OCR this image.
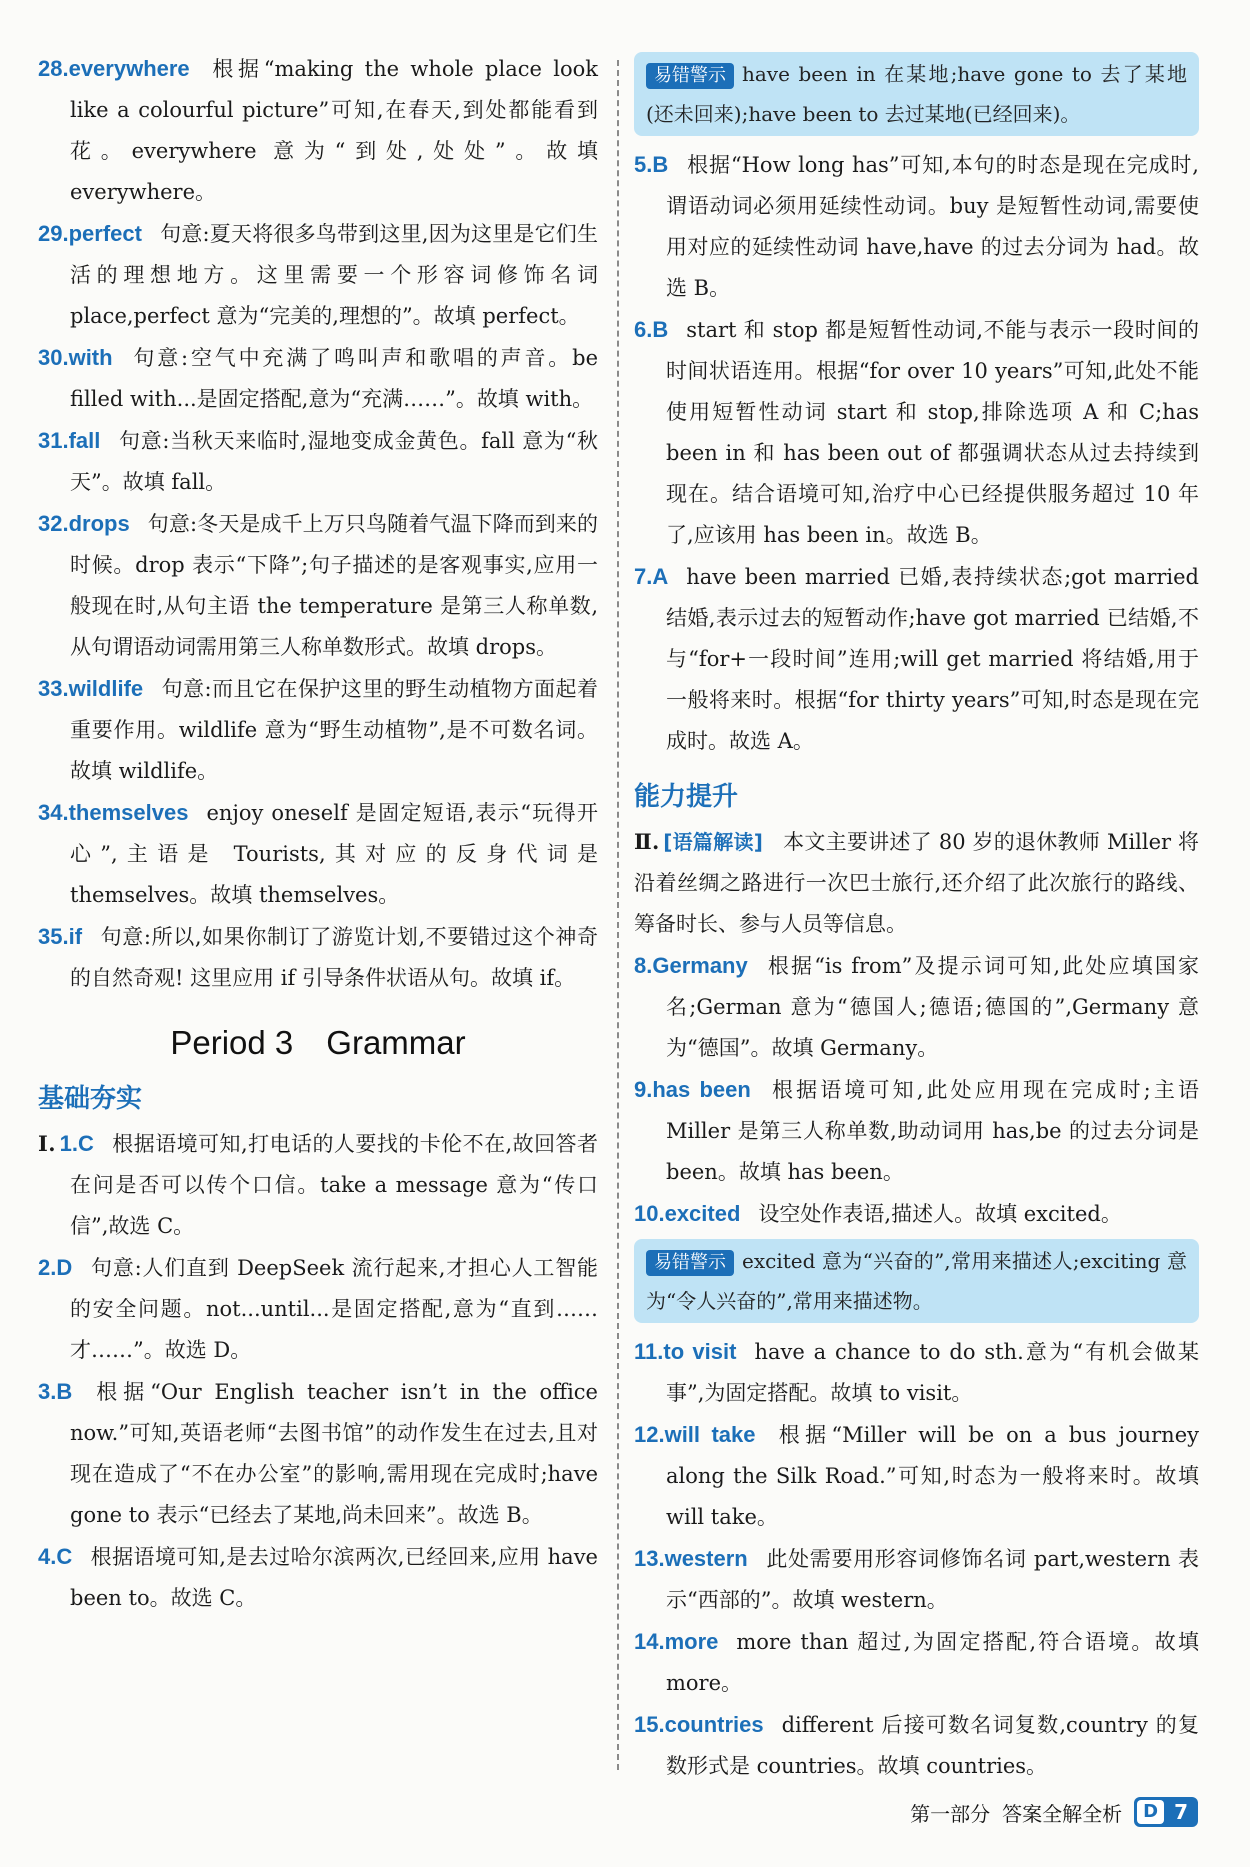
28.everywhere 根据“making the whole place look like a colourful picture”可知,在春天,到处都能看到花。everywhere 意为“到处,处处”。故填 everywhere。

29.perfect 句意:夏天将很多鸟带到这里,因为这里是它们生活的理想地方。这里需要一个形容词修饰名词 place,perfect 意为“完美的,理想的”。故填 perfect。

30.with 句意:空气中充满了鸣叫声和歌唱的声音。be filled with...是固定搭配,意为“充满……”。故填 with。

31.fall 句意:当秋天来临时,湿地变成金黄色。fall 意为“秋天”。故填 fall。

32.drops 句意:冬天是成千上万只鸟随着气温下降而到来的时候。drop 表示“下降”;句子描述的是客观事实,应用一般现在时,从句主语 the temperature 是第三人称单数,从句谓语动词需用第三人称单数形式。故填 drops。

33.wildlife 句意:而且它在保护这里的野生动植物方面起着重要作用。wildlife 意为“野生动植物”,是不可数名词。故填 wildlife。

34.themselves enjoy oneself 是固定短语,表示“玩得开心”,主语是 Tourists,其对应的反身代词是 themselves。故填 themselves。

35.if 句意:所以,如果你制订了游览计划,不要错过这个神奇的自然奇观! 这里应用 if 引导条件状语从句。故填 if。

Period 3　Grammar
基础夯实

Ⅰ. 1.C 根据语境可知,打电话的人要找的卡伦不在,故回答者在问是否可以传个口信。take a message 意为“传口信”,故选 C。

2.D 句意:人们直到 DeepSeek 流行起来,才担心人工智能的安全问题。not...until...是固定搭配,意为“直到……才……”。故选 D。

3.B 根据“Our English teacher isn’t in the office now.”可知,英语老师“去图书馆”的动作发生在过去,且对现在造成了“不在办公室”的影响,需用现在完成时;have gone to 表示“已经去了某地,尚未回来”。故选 B。

4.C 根据语境可知,是去过哈尔滨两次,已经回来,应用 have been to。故选 C。

易错警示 have been in 在某地;have gone to 去了某地(还未回来);have been to 去过某地(已经回来)。

5.B 根据“How long has”可知,本句的时态是现在完成时,谓语动词必须用延续性动词。buy 是短暂性动词,需要使用对应的延续性动词 have,have 的过去分词为 had。故选 B。

6.B start 和 stop 都是短暂性动词,不能与表示一段时间的时间状语连用。根据“for over 10 years”可知,此处不能使用短暂性动词 start 和 stop,排除选项 A 和 C;has been in 和 has been out of 都强调状态从过去持续到现在。结合语境可知,治疗中心已经提供服务超过 10 年了,应该用 has been in。故选 B。

7.A have been married 已婚,表持续状态;got married 结婚,表示过去的短暂动作;have got married 已结婚,不与“for+一段时间”连用;will get married 将结婚,用于一般将来时。根据“for thirty years”可知,时态是现在完成时。故选 A。

能力提升

Ⅱ. [语篇解读] 本文主要讲述了 80 岁的退休教师 Miller 将沿着丝绸之路进行一次巴士旅行,还介绍了此次旅行的路线、筹备时长、参与人员等信息。

8.Germany 根据“is from”及提示词可知,此处应填国家名;German 意为“德国人;德语;德国的”,Germany 意为“德国”。故填 Germany。

9.has been 根据语境可知,此处应用现在完成时;主语 Miller 是第三人称单数,助动词用 has,be 的过去分词是 been。故填 has been。

10.excited 设空处作表语,描述人。故填 excited。

易错警示 excited 意为“兴奋的”,常用来描述人;exciting 意为“令人兴奋的”,常用来描述物。

11.to visit have a chance to do sth.意为“有机会做某事”,为固定搭配。故填 to visit。

12.will take 根据“Miller will be on a bus journey along the Silk Road.”可知,时态为一般将来时。故填 will take。

13.western 此处需要用形容词修饰名词 part,western 表示“西部的”。故填 western。

14.more more than 超过,为固定搭配,符合语境。故填 more。

15.countries different 后接可数名词复数,country 的复数形式是 countries。故填 countries。

第一部分 答案全解全析	D 7
